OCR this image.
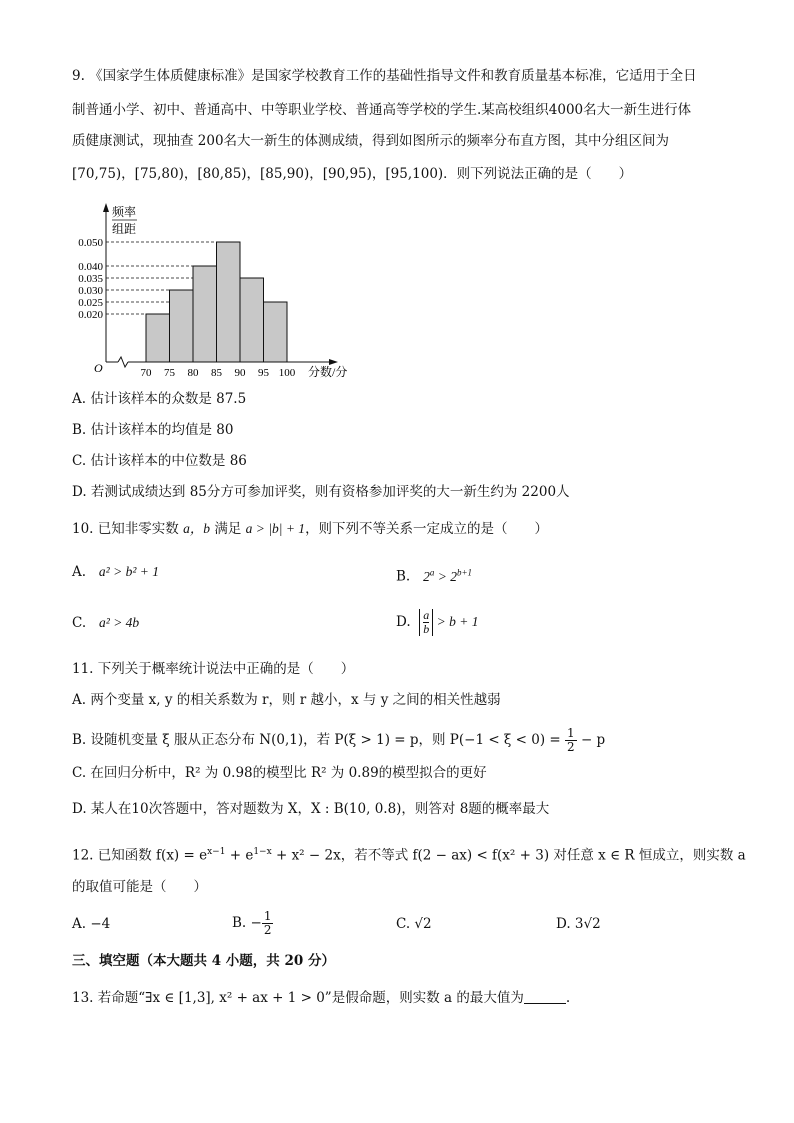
9. 《国家学生体质健康标准》是国家学校教育工作的基础性指导文件和教育质量基本标准，它适用于全日
制普通小学、初中、普通高中、中等职业学校、普通高等学校的学生.某高校组织4000名大一新生进行体
质健康测试，现抽查 200名大一新生的体测成绩，得到如图所示的频率分布直方图，其中分组区间为
[70,75)，[75,80)，[80,85)，[85,90)，[90,95)，[95,100)．则下列说法正确的是（　　）
0.050
0.040
0.035
0.030
0.025
0.020
70 75 80 85 90 95 100
O
频率
组距
分数/分
A. 估计该样本的众数是 87.5
B. 估计该样本的均值是 80
C. 估计该样本的中位数是 86
D. 若测试成绩达到 85分方可参加评奖，则有资格参加评奖的大一新生约为 2200人
10. 已知非零实数 a，b 满足 a > |b| + 1，则下列不等关系一定成立的是（　　）
A. a² > b² + 1	B. $2^a > 2^{b+1}$
C. a² > 4b	D. $\frac{a}{b} > b + 1$
11. 下列关于概率统计说法中正确的是（　　）
A. 两个变量 x, y 的相关系数为 r，则 r 越小，x 与 y 之间的相关性越弱
B. 设随机变量 ξ 服从正态分布 N(0,1)，若 P(ξ > 1) = p，则 $P(-1 < \xi < 0) = \frac{1}{2} - p$
C. 在回归分析中，R² 为 0.98的模型比 R² 为 0.89的模型拟合的更好
D. 某人在10次答题中，答对题数为 X，X : B(10, 0.8)，则答对 8题的概率最大
12. 已知函数 $f(x) = e^{x-1} + e^{1-x} + x^2 - 2x$，若不等式 f(2 − ax) < f(x² + 3) 对任意 x ∈ R 恒成立，则实数 a
的取值可能是（　　）
A. −4	B. − $\frac{1}{2}$	C. √2	D. 3√2
三、填空题（本大题共 4 小题，共 20 分）
13. 若命题“∃x ∈ [1,3], x² + ax + 1 > 0”是假命题，则实数 a 的最大值为	.
